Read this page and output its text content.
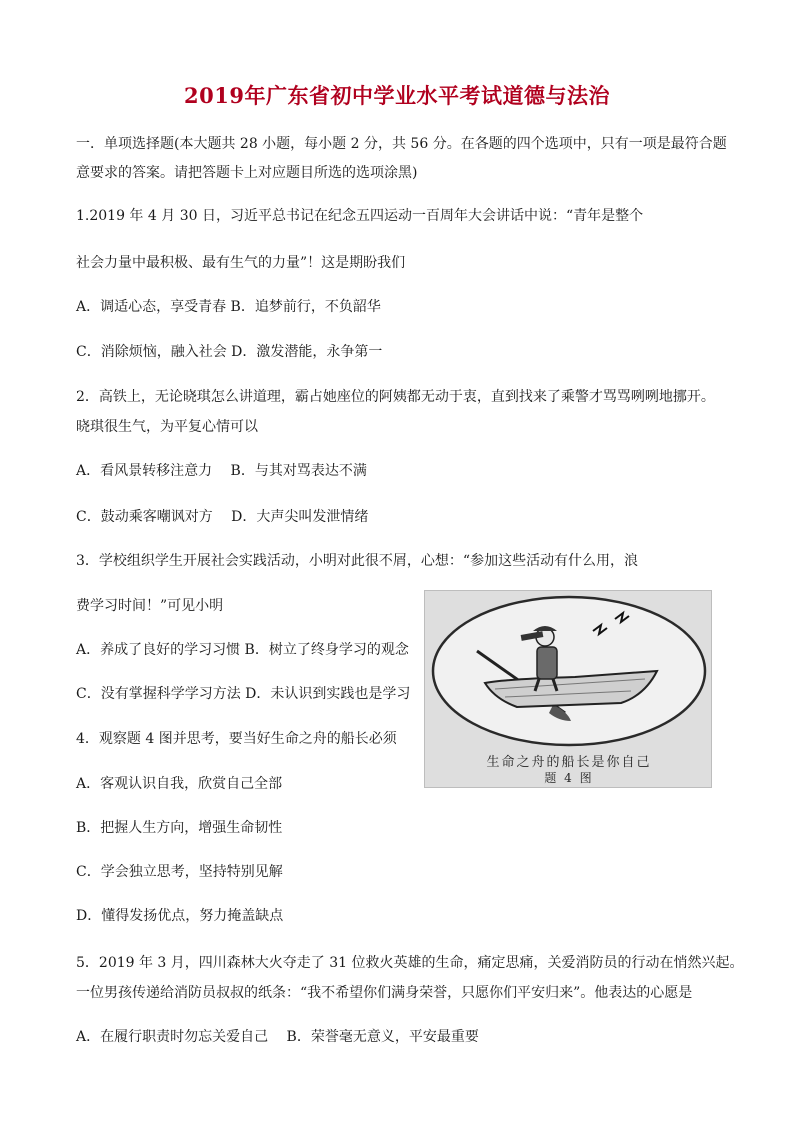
2019年广东省初中学业水平考试道德与法治
一．单项选择题(本大题共 28 小题，每小题 2 分，共 56 分。在各题的四个选项中，只有一项是最符合题
意要求的答案。请把答题卡上对应题目所选的选项涂黑)
1.2019 年 4 月 30 日，习近平总书记在纪念五四运动一百周年大会讲话中说：“青年是整个
社会力量中最积极、最有生气的力量”！这是期盼我们
A．调适心态，享受青春 B．追梦前行，不负韶华
C．消除烦恼，融入社会 D．激发潜能，永争第一
2．高铁上，无论晓琪怎么讲道理，霸占她座位的阿姨都无动于衷，直到找来了乘警才骂骂咧咧地挪开。
晓琪很生气，为平复心情可以
A．看风景转移注意力　 B．与其对骂表达不满
C．鼓动乘客嘲讽对方　 D．大声尖叫发泄情绪
3．学校组织学生开展社会实践活动，小明对此很不屑，心想：“参加这些活动有什么用，浪
费学习时间！”可见小明
A．养成了良好的学习习惯 B．树立了终身学习的观念
C．没有掌握科学学习方法 D．未认识到实践也是学习
4．观察题 4 图并思考，要当好生命之舟的船长必须
A．客观认识自我，欣赏自己全部
B．把握人生方向，增强生命韧性
C．学会独立思考，坚持特别见解
D．懂得发扬优点，努力掩盖缺点
5．2019 年 3 月，四川森林大火夺走了 31 位救火英雄的生命，痛定思痛，关爱消防员的行动在悄然兴起。
一位男孩传递给消防员叔叔的纸条：“我不希望你们满身荣誉，只愿你们平安归来”。他表达的心愿是
A．在履行职责时勿忘关爱自己　 B．荣誉毫无意义，平安最重要
生命之舟的船长是你自己
题 4 图
